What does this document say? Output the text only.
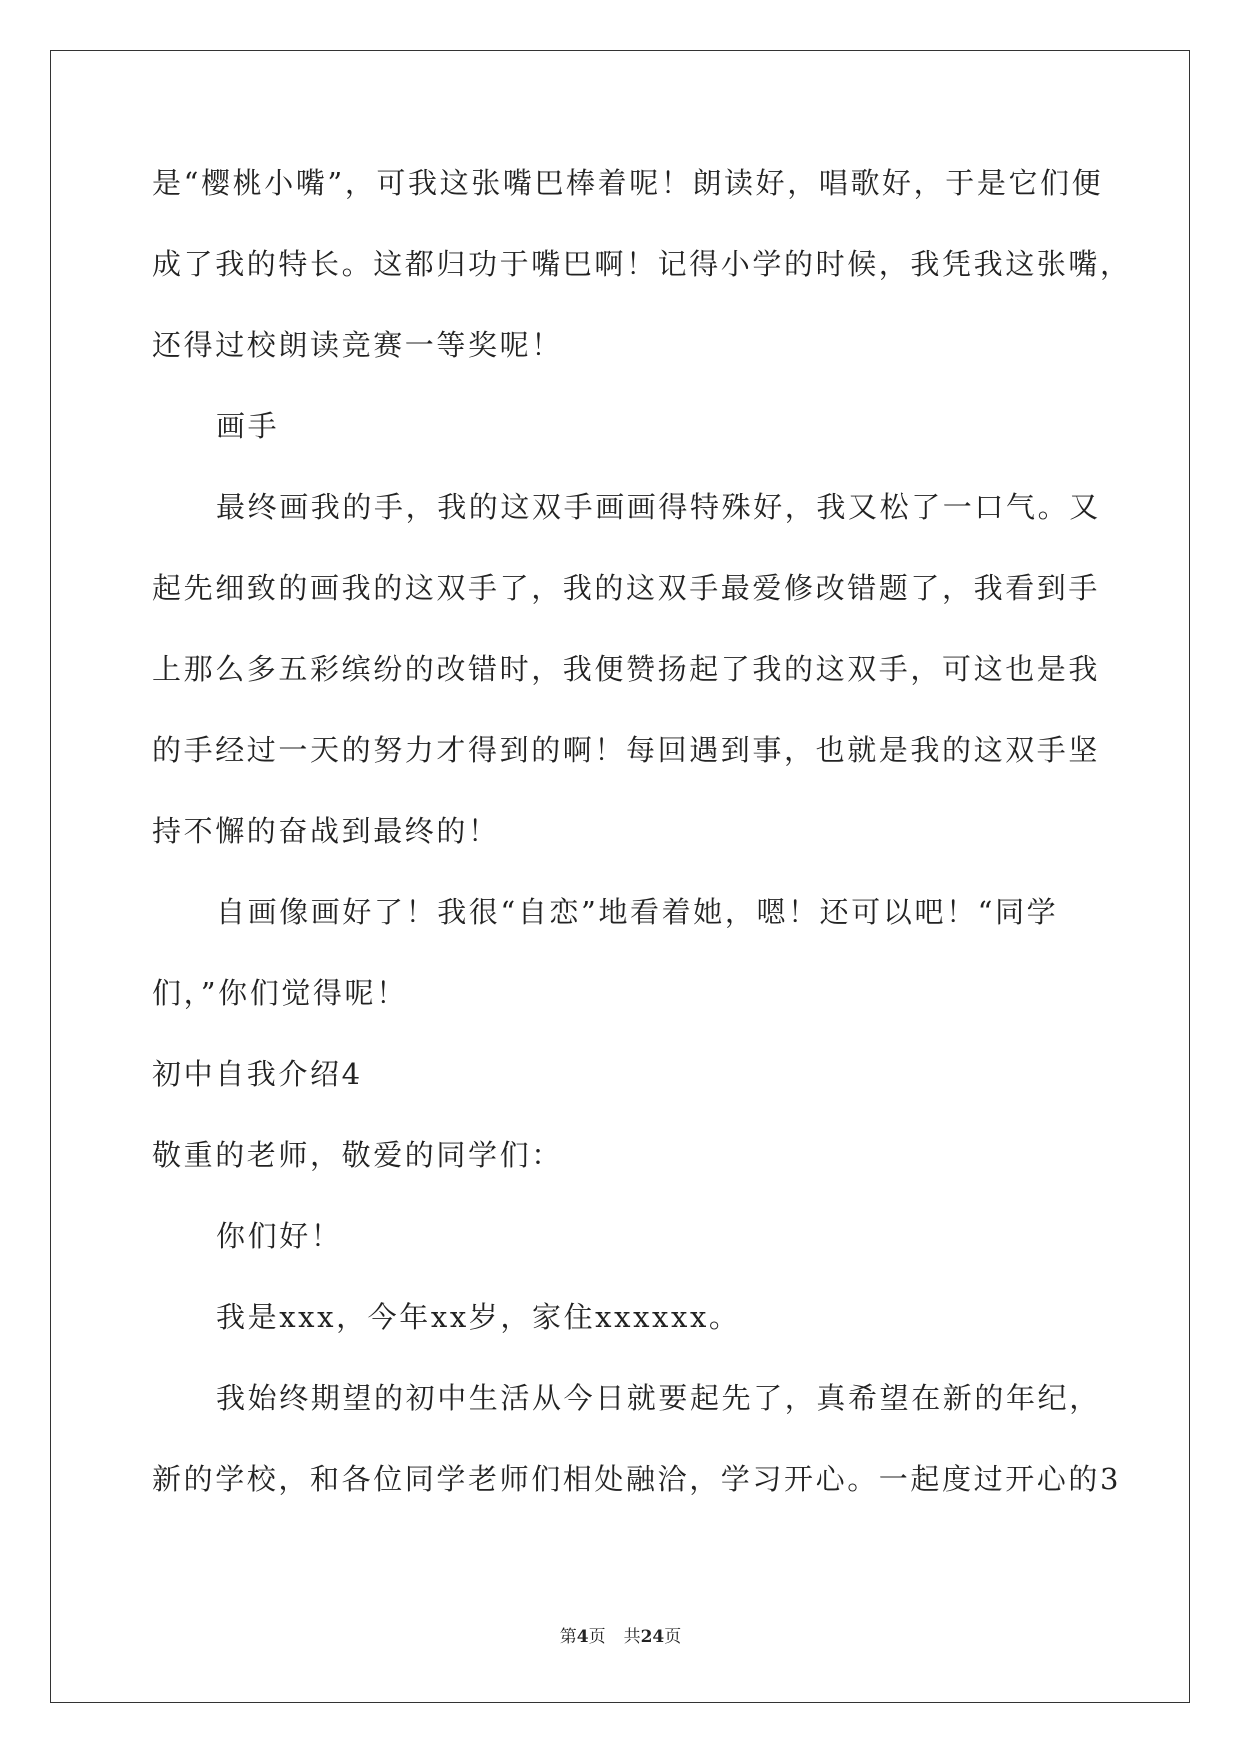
是“樱桃小嘴”，可我这张嘴巴棒着呢！朗读好，唱歌好，于是它们便
成了我的特长。这都归功于嘴巴啊！记得小学的时候，我凭我这张嘴，
还得过校朗读竞赛一等奖呢！
画手
最终画我的手，我的这双手画画得特殊好，我又松了一口气。又
起先细致的画我的这双手了，我的这双手最爱修改错题了，我看到手
上那么多五彩缤纷的改错时，我便赞扬起了我的这双手，可这也是我
的手经过一天的努力才得到的啊！每回遇到事，也就是我的这双手坚
持不懈的奋战到最终的！
自画像画好了！我很“自恋”地看着她，嗯！还可以吧！“同学
们，”你们觉得呢！
初中自我介绍4
敬重的老师，敬爱的同学们：
你们好！
我是xxx，今年xx岁，家住xxxxxx。
我始终期望的初中生活从今日就要起先了，真希望在新的年纪，
新的学校，和各位同学老师们相处融洽，学习开心。一起度过开心的3
第4页 共24页
